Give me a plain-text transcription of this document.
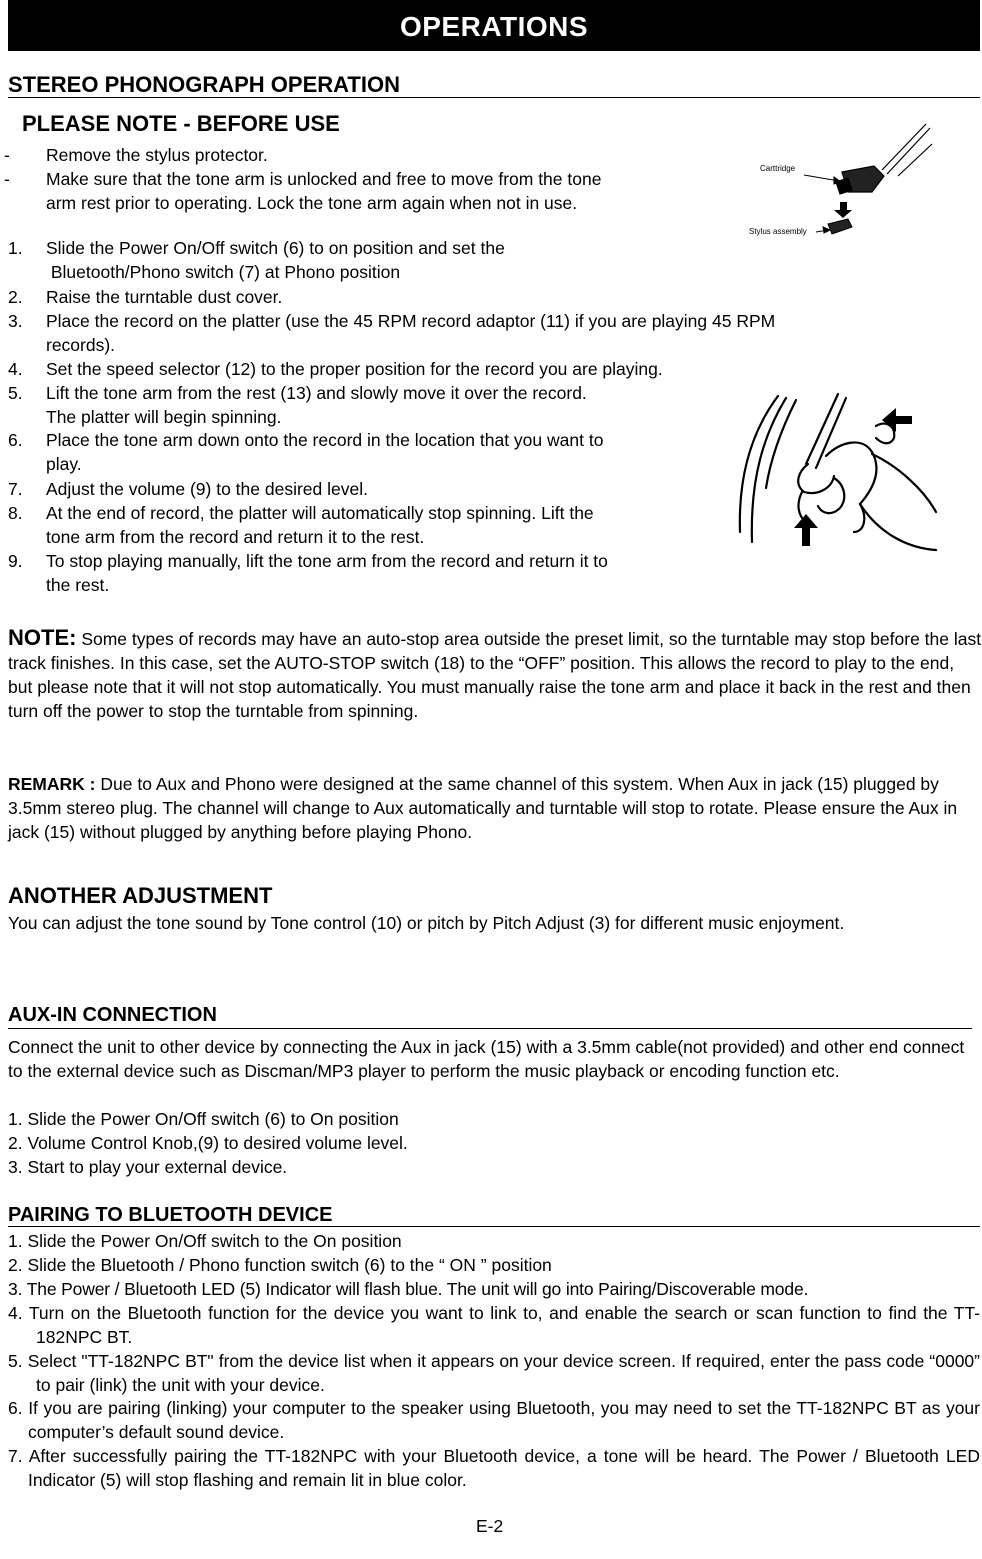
OPERATIONS
STEREO PHONOGRAPH OPERATION
PLEASE NOTE - BEFORE USE
- Remove the stylus protector.
- Make sure that the tone arm is unlocked and free to move from the tone
arm rest prior to operating. Lock the tone arm again when not in use.
1. Slide the Power On/Off switch (6) to on position and set the
Bluetooth/Phono switch (7) at Phono position
2. Raise the turntable dust cover.
3. Place the record on the platter (use the 45 RPM record adaptor (11) if you are playing 45 RPM
records).
4. Set the speed selector (12) to the proper position for the record you are playing.
5. Lift the tone arm from the rest (13) and slowly move it over the record.
The platter will begin spinning.
6. Place the tone arm down onto the record in the location that you want to
play.
7. Adjust the volume (9) to the desired level.
8. At the end of record, the platter will automatically stop spinning. Lift the
tone arm from the record and return it to the rest.
9. To stop playing manually, lift the tone arm from the record and return it to
the rest.
Carttridge
Stylus assembly
NOTE: Some types of records may have an auto-stop area outside the preset limit, so the turntable may stop before the last track finishes. In this case, set the AUTO-STOP switch (18) to the “OFF” position. This allows the record to play to the end, but please note that it will not stop automatically. You must manually raise the tone arm and place it back in the rest and then turn off the power to stop the turntable from spinning.
REMARK : Due to Aux and Phono were designed at the same channel of this system. When Aux in jack (15) plugged by 3.5mm stereo plug. The channel will change to Aux automatically and turntable will stop to rotate. Please ensure the Aux in jack (15) without plugged by anything before playing Phono.
ANOTHER ADJUSTMENT
You can adjust the tone sound by Tone control (10) or pitch by Pitch Adjust (3) for different music enjoyment.
AUX-IN CONNECTION
Connect the unit to other device by connecting the Aux in jack (15) with a 3.5mm cable(not provided) and other end connect to the external device such as Discman/MP3 player to perform the music playback or encoding function etc.
1. Slide the Power On/Off switch (6) to On position
2. Volume Control Knob,(9) to desired volume level.
3. Start to play your external device.
PAIRING TO BLUETOOTH DEVICE
1. Slide the Power On/Off switch to the On position
2. Slide the Bluetooth / Phono function switch (6) to the “ ON ” position
3. The Power / Bluetooth LED (5) Indicator will flash blue. The unit will go into Pairing/Discoverable mode.
4. Turn on the Bluetooth function for the device you want to link to, and enable the search or scan function to find the TT-182NPC BT.
5. Select "TT-182NPC BT" from the device list when it appears on your device screen. If required, enter the pass code “0000” to pair (link) the unit with your device.
6. If you are pairing (linking) your computer to the speaker using Bluetooth, you may need to set the TT-182NPC BT as your computer’s default sound device.
7. After successfully pairing the TT-182NPC with your Bluetooth device, a tone will be heard. The Power / Bluetooth LED Indicator (5) will stop flashing and remain lit in blue color.
E-2
